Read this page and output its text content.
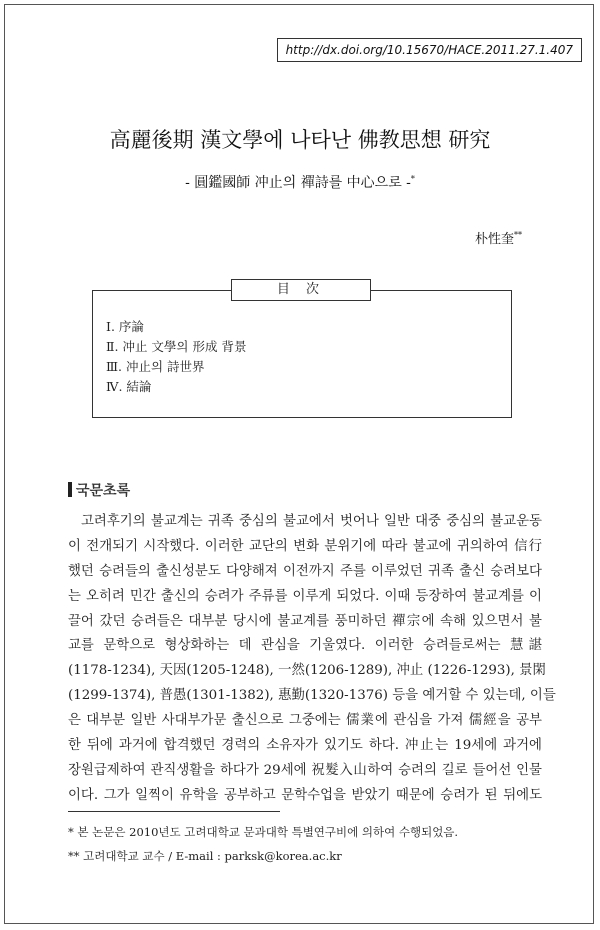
http://dx.doi.org/10.15670/HACE.2011.27.1.407
高麗後期 漢文學에 나타난 佛教思想 研究
- 圓鑑國師 冲止의 禪詩를 中心으로 -*
朴性奎**
目 次
Ⅰ. 序論
Ⅱ. 冲止 文學의 形成 背景
Ⅲ. 冲止의 詩世界
Ⅳ. 結論
국문초록
고려후기의 불교계는 귀족 중심의 불교에서 벗어나 일반 대중 중심의 불교운동
이 전개되기 시작했다. 이러한 교단의 변화 분위기에 따라 불교에 귀의하여 信行
했던 승려들의 출신성분도 다양해져 이전까지 주를 이루었던 귀족 출신 승려보다
는 오히려 민간 출신의 승려가 주류를 이루게 되었다. 이때 등장하여 불교계를 이
끌어 갔던 승려들은 대부분 당시에 불교계를 풍미하던 禪宗에 속해 있으면서 불
교를 문학으로 형상화하는 데 관심을 기울였다. 이러한 승려들로써는 慧諶
(1178-1234), 天因(1205-1248), 一然(1206-1289), 冲止 (1226-1293), 景閑
(1299-1374), 普愚(1301-1382), 惠勤(1320-1376) 등을 예거할 수 있는데, 이들
은 대부분 일반 사대부가문 출신으로 그중에는 儒業에 관심을 가져 儒經을 공부
한 뒤에 과거에 합격했던 경력의 소유자가 있기도 하다. 冲止는 19세에 과거에
장원급제하여 관직생활을 하다가 29세에 祝髮入山하여 승려의 길로 들어선 인물
이다. 그가 일찍이 유학을 공부하고 문학수업을 받았기 때문에 승려가 된 뒤에도
* 본 논문은 2010년도 고려대학교 문과대학 특별연구비에 의하여 수행되었음.
** 고려대학교 교수 / E-mail : parksk@korea.ac.kr
